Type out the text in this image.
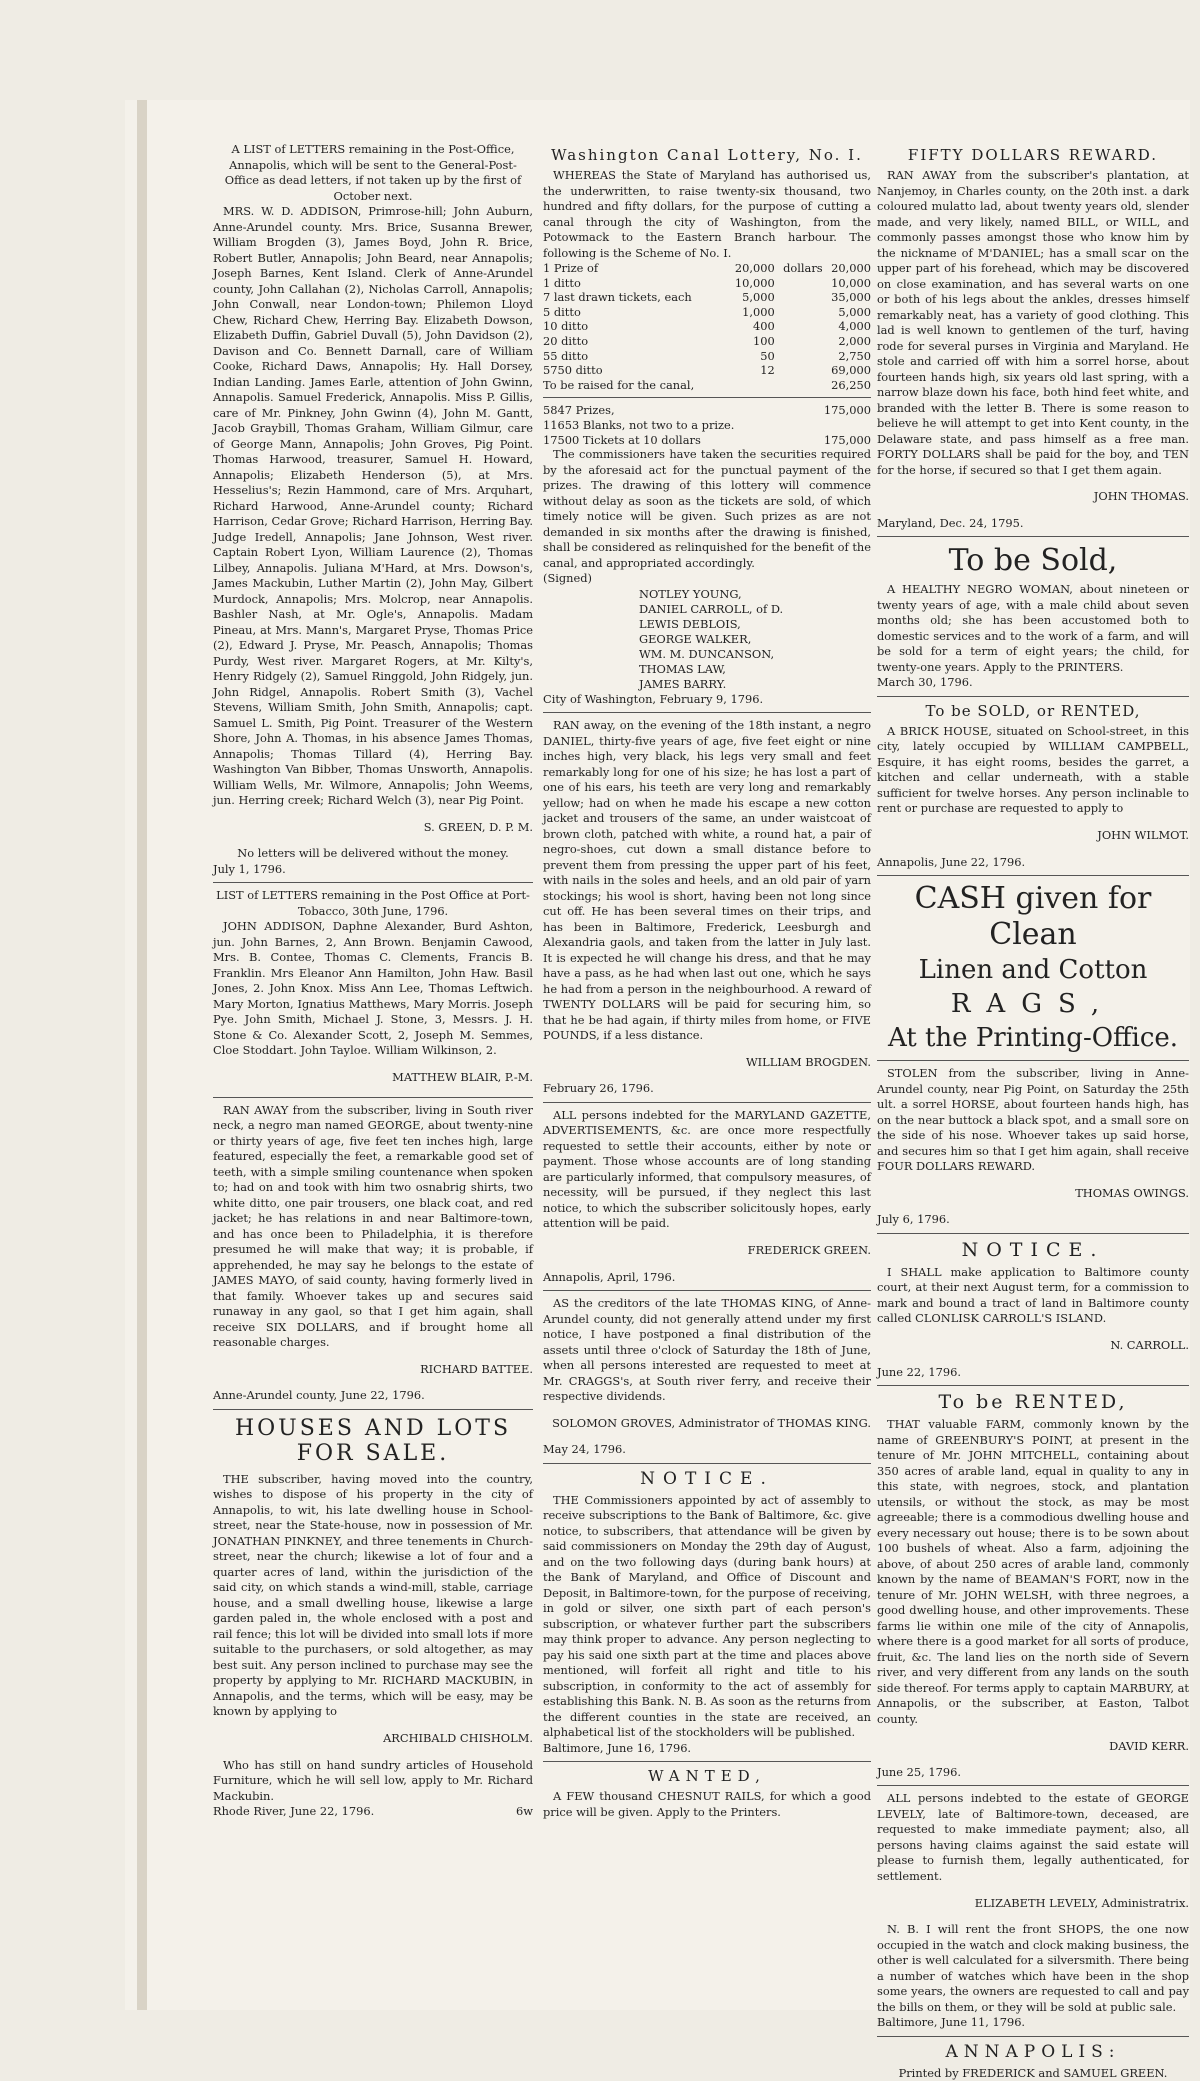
A LIST of LETTERS remaining in the Post-Office, Annapolis, which will be sent to the General-Post-Office as dead letters, if not taken up by the first of October next.

MRS. W. D. ADDISON, Primrose-hill; John Auburn, Anne-Arundel county. Mrs. Brice, Susanna Brewer, William Brogden (3), James Boyd, John R. Brice, Robert Butler, Annapolis; John Beard, near Annapolis; Joseph Barnes, Kent Island. Clerk of Anne-Arundel county, John Callahan (2), Nicholas Carroll, Annapolis; John Conwall, near London-town; Philemon Lloyd Chew, Richard Chew, Herring Bay. Elizabeth Dowson, Elizabeth Duffin, Gabriel Duvall (5), John Davidson (2), Davison and Co. Bennett Darnall, care of William Cooke, Richard Daws, Annapolis; Hy. Hall Dorsey, Indian Landing. James Earle, attention of John Gwinn, Annapolis. Samuel Frederick, Annapolis. Miss P. Gillis, care of Mr. Pinkney, John Gwinn (4), John M. Gantt, Jacob Graybill, Thomas Graham, William Gilmur, care of George Mann, Annapolis; John Groves, Pig Point. Thomas Harwood, treasurer, Samuel H. Howard, Annapolis; Elizabeth Henderson (5), at Mrs. Hesselius's; Rezin Hammond, care of Mrs. Arquhart, Richard Harwood, Anne-Arundel county; Richard Harrison, Cedar Grove; Richard Harrison, Herring Bay. Judge Iredell, Annapolis; Jane Johnson, West river. Captain Robert Lyon, William Laurence (2), Thomas Lilbey, Annapolis. Juliana M'Hard, at Mrs. Dowson's, James Mackubin, Luther Martin (2), John May, Gilbert Murdock, Annapolis; Mrs. Molcrop, near Annapolis. Bashler Nash, at Mr. Ogle's, Annapolis. Madam Pineau, at Mrs. Mann's, Margaret Pryse, Thomas Price (2), Edward J. Pryse, Mr. Peasch, Annapolis; Thomas Purdy, West river. Margaret Rogers, at Mr. Kilty's, Henry Ridgely (2), Samuel Ringgold, John Ridgely, jun. John Ridgel, Annapolis. Robert Smith (3), Vachel Stevens, William Smith, John Smith, Annapolis; capt. Samuel L. Smith, Pig Point. Treasurer of the Western Shore, John A. Thomas, in his absence James Thomas, Annapolis; Thomas Tillard (4), Herring Bay. Washington Van Bibber, Thomas Unsworth, Annapolis. William Wells, Mr. Wilmore, Annapolis; John Weems, jun. Herring creek; Richard Welch (3), near Pig Point.

S. GREEN, D. P. M.

No letters will be delivered without the money.

July 1, 1796.

LIST of LETTERS remaining in the Post Office at Port-Tobacco, 30th June, 1796.

JOHN ADDISON, Daphne Alexander, Burd Ashton, jun. John Barnes, 2, Ann Brown. Benjamin Cawood, Mrs. B. Contee, Thomas C. Clements, Francis B. Franklin. Mrs Eleanor Ann Hamilton, John Haw. Basil Jones, 2. John Knox. Miss Ann Lee, Thomas Leftwich. Mary Morton, Ignatius Matthews, Mary Morris. Joseph Pye. John Smith, Michael J. Stone, 3, Messrs. J. H. Stone & Co. Alexander Scott, 2, Joseph M. Semmes, Cloe Stoddart. John Tayloe. William Wilkinson, 2.

MATTHEW BLAIR, P.-M.

RAN AWAY from the subscriber, living in South river neck, a negro man named GEORGE, about twenty-nine or thirty years of age, five feet ten inches high, large featured, especially the feet, a remarkable good set of teeth, with a simple smiling countenance when spoken to; had on and took with him two osnabrig shirts, two white ditto, one pair trousers, one black coat, and red jacket; he has relations in and near Baltimore-town, and has once been to Philadelphia, it is therefore presumed he will make that way; it is probable, if apprehended, he may say he belongs to the estate of JAMES MAYO, of said county, having formerly lived in that family. Whoever takes up and secures said runaway in any gaol, so that I get him again, shall receive SIX DOLLARS, and if brought home all reasonable charges.

RICHARD BATTEE.

Anne-Arundel county, June 22, 1796.

HOUSES AND LOTS FOR SALE.

THE subscriber, having moved into the country, wishes to dispose of his property in the city of Annapolis, to wit, his late dwelling house in School-street, near the State-house, now in possession of Mr. JONATHAN PINKNEY, and three tenements in Church-street, near the church; likewise a lot of four and a quarter acres of land, within the jurisdiction of the said city, on which stands a wind-mill, stable, carriage house, and a small dwelling house, likewise a large garden paled in, the whole enclosed with a post and rail fence; this lot will be divided into small lots if more suitable to the purchasers, or sold altogether, as may best suit. Any person inclined to purchase may see the property by applying to Mr. RICHARD MACKUBIN, in Annapolis, and the terms, which will be easy, may be known by applying to

ARCHIBALD CHISHOLM.

Who has still on hand sundry articles of Household Furniture, which he will sell low, apply to Mr. Richard Mackubin.

Rhode River, June 22, 1796.	6w

Washington Canal Lottery, No. I.

WHEREAS the State of Maryland has authorised us, the underwritten, to raise twenty-six thousand, two hundred and fifty dollars, for the purpose of cutting a canal through the city of Washington, from the Potowmack to the Eastern Branch harbour. The following is the Scheme of No. I.

1 Prize of	20,000	dollars	20,000
1 ditto	10,000		10,000
7 last drawn tickets, each	5,000		35,000
5 ditto	1,000		5,000
10 ditto	400		4,000
20 ditto	100		2,000
55 ditto	50		2,750
5750 ditto	12		69,000
To be raised for the canal,			26,250
5847 Prizes,	175,000
11653 Blanks, not two to a prize.	
17500 Tickets at 10 dollars	175,000

The commissioners have taken the securities required by the aforesaid act for the punctual payment of the prizes. The drawing of this lottery will commence without delay as soon as the tickets are sold, of which timely notice will be given. Such prizes as are not demanded in six months after the drawing is finished, shall be considered as relinquished for the benefit of the canal, and appropriated accordingly.

(Signed)

NOTLEY YOUNG,
DANIEL CARROLL, of D.
LEWIS DEBLOIS,
GEORGE WALKER,
WM. M. DUNCANSON,
THOMAS LAW,
JAMES BARRY.

City of Washington, February 9, 1796.

RAN away, on the evening of the 18th instant, a negro DANIEL, thirty-five years of age, five feet eight or nine inches high, very black, his legs very small and feet remarkably long for one of his size; he has lost a part of one of his ears, his teeth are very long and remarkably yellow; had on when he made his escape a new cotton jacket and trousers of the same, an under waistcoat of brown cloth, patched with white, a round hat, a pair of negro-shoes, cut down a small distance before to prevent them from pressing the upper part of his feet, with nails in the soles and heels, and an old pair of yarn stockings; his wool is short, having been not long since cut off. He has been several times on their trips, and has been in Baltimore, Frederick, Leesburgh and Alexandria gaols, and taken from the latter in July last. It is expected he will change his dress, and that he may have a pass, as he had when last out one, which he says he had from a person in the neighbourhood. A reward of TWENTY DOLLARS will be paid for securing him, so that he be had again, if thirty miles from home, or FIVE POUNDS, if a less distance.

WILLIAM BROGDEN.

February 26, 1796.

ALL persons indebted for the MARYLAND GAZETTE, ADVERTISEMENTS, &c. are once more respectfully requested to settle their accounts, either by note or payment. Those whose accounts are of long standing are particularly informed, that compulsory measures, of necessity, will be pursued, if they neglect this last notice, to which the subscriber solicitously hopes, early attention will be paid.

FREDERICK GREEN.

Annapolis, April, 1796.

AS the creditors of the late THOMAS KING, of Anne-Arundel county, did not generally attend under my first notice, I have postponed a final distribution of the assets until three o'clock of Saturday the 18th of June, when all persons interested are requested to meet at Mr. CRAGGS's, at South river ferry, and receive their respective dividends.

SOLOMON GROVES, Administrator of THOMAS KING.

May 24, 1796.

NOTICE.

THE Commissioners appointed by act of assembly to receive subscriptions to the Bank of Baltimore, &c. give notice, to subscribers, that attendance will be given by said commissioners on Monday the 29th day of August, and on the two following days (during bank hours) at the Bank of Maryland, and Office of Discount and Deposit, in Baltimore-town, for the purpose of receiving, in gold or silver, one sixth part of each person's subscription, or whatever further part the subscribers may think proper to advance. Any person neglecting to pay his said one sixth part at the time and places above mentioned, will forfeit all right and title to his subscription, in conformity to the act of assembly for establishing this Bank. N. B. As soon as the returns from the different counties in the state are received, an alphabetical list of the stockholders will be published.

Baltimore, June 16, 1796.

WANTED,

A FEW thousand CHESNUT RAILS, for which a good price will be given. Apply to the Printers.

FIFTY DOLLARS REWARD.

RAN AWAY from the subscriber's plantation, at Nanjemoy, in Charles county, on the 20th inst. a dark coloured mulatto lad, about twenty years old, slender made, and very likely, named BILL, or WILL, and commonly passes amongst those who know him by the nickname of M'DANIEL; has a small scar on the upper part of his forehead, which may be discovered on close examination, and has several warts on one or both of his legs about the ankles, dresses himself remarkably neat, has a variety of good clothing. This lad is well known to gentlemen of the turf, having rode for several purses in Virginia and Maryland. He stole and carried off with him a sorrel horse, about fourteen hands high, six years old last spring, with a narrow blaze down his face, both hind feet white, and branded with the letter B. There is some reason to believe he will attempt to get into Kent county, in the Delaware state, and pass himself as a free man. FORTY DOLLARS shall be paid for the boy, and TEN for the horse, if secured so that I get them again.

JOHN THOMAS.

Maryland, Dec. 24, 1795.

To be Sold,

A HEALTHY NEGRO WOMAN, about nineteen or twenty years of age, with a male child about seven months old; she has been accustomed both to domestic services and to the work of a farm, and will be sold for a term of eight years; the child, for twenty-one years. Apply to the PRINTERS.

March 30, 1796.

To be SOLD, or RENTED,

A BRICK HOUSE, situated on School-street, in this city, lately occupied by WILLIAM CAMPBELL, Esquire, it has eight rooms, besides the garret, a kitchen and cellar underneath, with a stable sufficient for twelve horses. Any person inclinable to rent or purchase are requested to apply to

JOHN WILMOT.

Annapolis, June 22, 1796.

CASH given for Clean
Linen and Cotton
RAGS,
At the Printing-Office.

STOLEN from the subscriber, living in Anne-Arundel county, near Pig Point, on Saturday the 25th ult. a sorrel HORSE, about fourteen hands high, has on the near buttock a black spot, and a small sore on the side of his nose. Whoever takes up said horse, and secures him so that I get him again, shall receive FOUR DOLLARS REWARD.

THOMAS OWINGS.

July 6, 1796.

NOTICE.

I SHALL make application to Baltimore county court, at their next August term, for a commission to mark and bound a tract of land in Baltimore county called CLONLISK CARROLL'S ISLAND.

N. CARROLL.

June 22, 1796.

To be RENTED,

THAT valuable FARM, commonly known by the name of GREENBURY'S POINT, at present in the tenure of Mr. JOHN MITCHELL, containing about 350 acres of arable land, equal in quality to any in this state, with negroes, stock, and plantation utensils, or without the stock, as may be most agreeable; there is a commodious dwelling house and every necessary out house; there is to be sown about 100 bushels of wheat. Also a farm, adjoining the above, of about 250 acres of arable land, commonly known by the name of BEAMAN'S FORT, now in the tenure of Mr. JOHN WELSH, with three negroes, a good dwelling house, and other improvements. These farms lie within one mile of the city of Annapolis, where there is a good market for all sorts of produce, fruit, &c. The land lies on the north side of Severn river, and very different from any lands on the south side thereof. For terms apply to captain MARBURY, at Annapolis, or the subscriber, at Easton, Talbot county.

DAVID KERR.

June 25, 1796.

ALL persons indebted to the estate of GEORGE LEVELY, late of Baltimore-town, deceased, are requested to make immediate payment; also, all persons having claims against the said estate will please to furnish them, legally authenticated, for settlement.

ELIZABETH LEVELY, Administratrix.

N. B. I will rent the front SHOPS, the one now occupied in the watch and clock making business, the other is well calculated for a silversmith. There being a number of watches which have been in the shop some years, the owners are requested to call and pay the bills on them, or they will be sold at public sale.

Baltimore, June 11, 1796.

ANNAPOLIS:

Printed by FREDERICK and SAMUEL GREEN.
